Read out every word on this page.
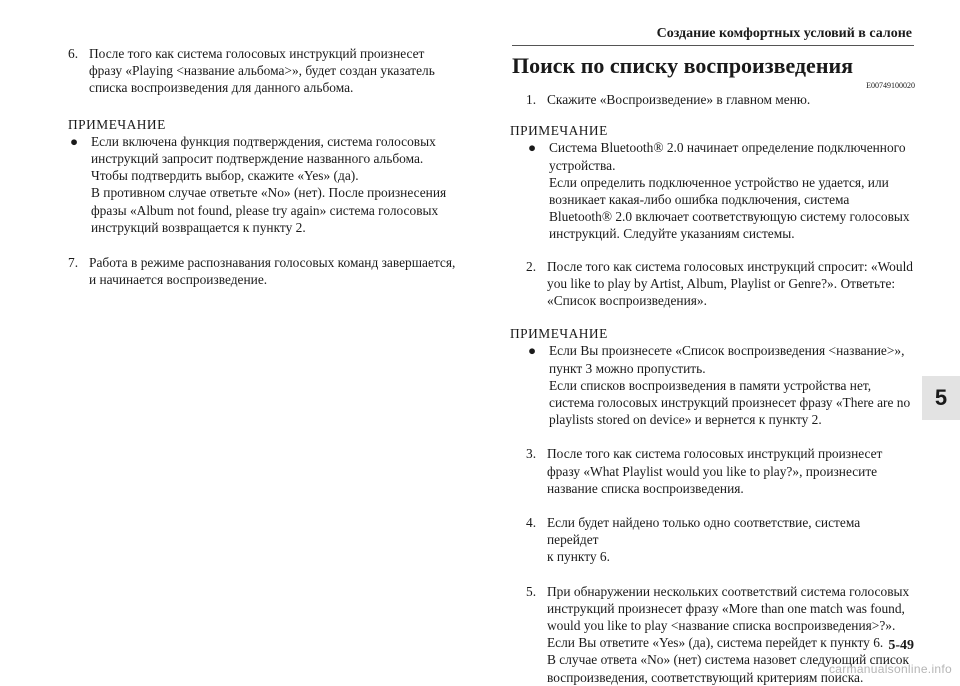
Создание комфортных условий в салоне
5
6. После того как система голосовых инструкций произнесет
фразу «Playing <название альбома>», будет создан указатель
списка воспроизведения для данного альбома.
ПРИМЕЧАНИЕ
● Если включена функция подтверждения, система голосовых
инструкций запросит подтверждение названного альбома.
Чтобы подтвердить выбор, скажите «Yes» (да).
В противном случае ответьте «No» (нет). После произнесения
фразы «Album not found, please try again» система голосовых
инструкций возвращается к пункту 2.
7. Работа в режиме распознавания голосовых команд завершается,
и начинается воспроизведение.
Поиск по списку воспроизведения
E00749100020
1. Скажите «Воспроизведение» в главном меню.
ПРИМЕЧАНИЕ
● Система Bluetooth® 2.0 начинает определение подключенного
устройства.
Если определить подключенное устройство не удается, или
возникает какая-либо ошибка подключения, система
Bluetooth® 2.0 включает соответствующую систему голосовых
инструкций. Следуйте указаниям системы.
2. После того как система голосовых инструкций спросит: «Would
you like to play by Artist, Album, Playlist or Genre?». Ответьте:
«Список воспроизведения».
ПРИМЕЧАНИЕ
● Если Вы произнесете «Список воспроизведения <название>»,
пункт 3 можно пропустить.
Если списков воспроизведения в памяти устройства нет,
система голосовых инструкций произнесет фразу «There are no
playlists stored on device» и вернется к пункту 2.
3. После того как система голосовых инструкций произнесет
фразу «What Playlist would you like to play?», произнесите
название списка воспроизведения.
4. Если будет найдено только одно соответствие, система перейдет
к пункту 6.
5. При обнаружении нескольких соответствий система голосовых
инструкций произнесет фразу «More than one match was found,
would you like to play <название списка воспроизведения>?».
Если Вы ответите «Yes» (да), система перейдет к пункту 6.
В случае ответа «No» (нет) система назовет следующий список
воспроизведения, соответствующий критериям поиска.
5-49
carmanualsonline.info
